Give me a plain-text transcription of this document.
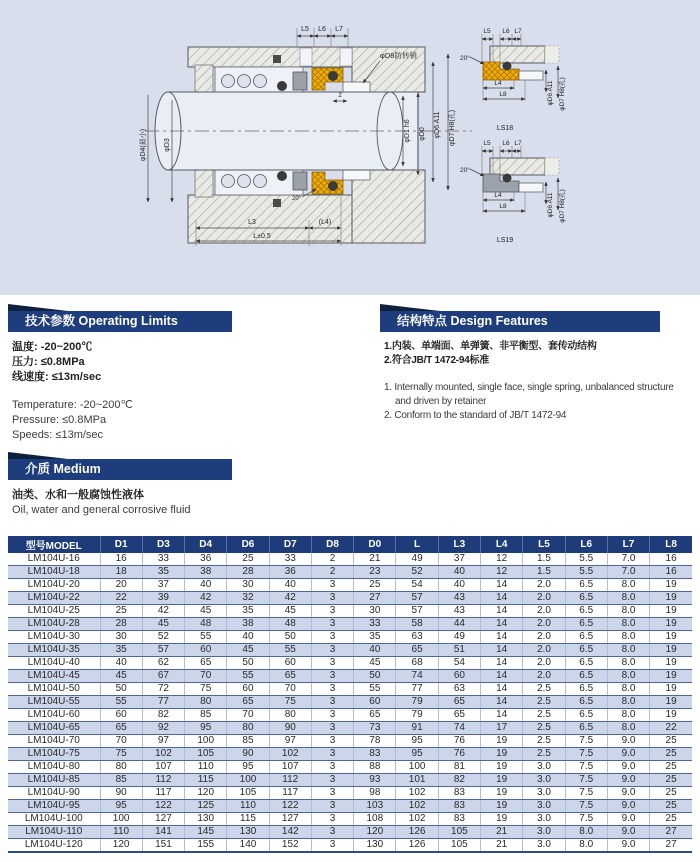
L5 L6 L7
φD8防转销
2
20°
φD4(最小) φD3
φD1 h6 φD0 φD6 A11 φD7 H8(孔)
L3	(L4)
L±0.5
L5 L6 L7
20°
L4
L8	φD6 A11 φD7 H8(孔)
LS18
L5 L6 L7
20°
L4
L8	φD6 A11 φD7 H8(孔)
LS19
技术参数 Operating Limits

温度: -20~200℃

压力: ≤0.8MPa

线速度: ≤13m/sec

Temperature: -20~200℃

Pressure: ≤0.8MPa

Speeds: ≤13m/sec

结构特点 Design Features

1.内装、单端面、单弹簧、非平衡型、套传动结构

2.符合JB/T 1472-94标准

1. Internally mounted, single face, single spring, unbalanced structure

and driven by retainer

2. Conform to the standard of JB/T 1472-94

介质 Medium

油类、水和一般腐蚀性液体

Oil, water and general corrosive fluid

型号MODEL	D1	D3	D4	D6	D7	D8	D0	L	L3	L4	L5	L6	L7	L8
LM104U-16	16	33	36	25	33	2	21	49	37	12	1.5	5.5	7.0	16
LM104U-18	18	35	38	28	36	2	23	52	40	12	1.5	5.5	7.0	16
LM104U-20	20	37	40	30	40	3	25	54	40	14	2.0	6.5	8.0	19
LM104U-22	22	39	42	32	42	3	27	57	43	14	2.0	6.5	8.0	19
LM104U-25	25	42	45	35	45	3	30	57	43	14	2.0	6.5	8.0	19
LM104U-28	28	45	48	38	48	3	33	58	44	14	2.0	6.5	8.0	19
LM104U-30	30	52	55	40	50	3	35	63	49	14	2.0	6.5	8.0	19
LM104U-35	35	57	60	45	55	3	40	65	51	14	2.0	6.5	8.0	19
LM104U-40	40	62	65	50	60	3	45	68	54	14	2.0	6.5	8.0	19
LM104U-45	45	67	70	55	65	3	50	74	60	14	2.0	6.5	8.0	19
LM104U-50	50	72	75	60	70	3	55	77	63	14	2.5	6.5	8.0	19
LM104U-55	55	77	80	65	75	3	60	79	65	14	2.5	6.5	8.0	19
LM104U-60	60	82	85	70	80	3	65	79	65	14	2.5	6.5	8.0	19
LM104U-65	65	92	95	80	90	3	73	91	74	17	2.5	6.5	8.0	22
LM104U-70	70	97	100	85	97	3	78	95	76	19	2.5	7.5	9.0	25
LM104U-75	75	102	105	90	102	3	83	95	76	19	2.5	7.5	9.0	25
LM104U-80	80	107	110	95	107	3	88	100	81	19	3.0	7.5	9.0	25
LM104U-85	85	112	115	100	112	3	93	101	82	19	3.0	7.5	9.0	25
LM104U-90	90	117	120	105	117	3	98	102	83	19	3.0	7.5	9.0	25
LM104U-95	95	122	125	110	122	3	103	102	83	19	3.0	7.5	9.0	25
LM104U-100	100	127	130	115	127	3	108	102	83	19	3.0	7.5	9.0	25
LM104U-110	110	141	145	130	142	3	120	126	105	21	3.0	8.0	9.0	27
LM104U-120	120	151	155	140	152	3	130	126	105	21	3.0	8.0	9.0	27
